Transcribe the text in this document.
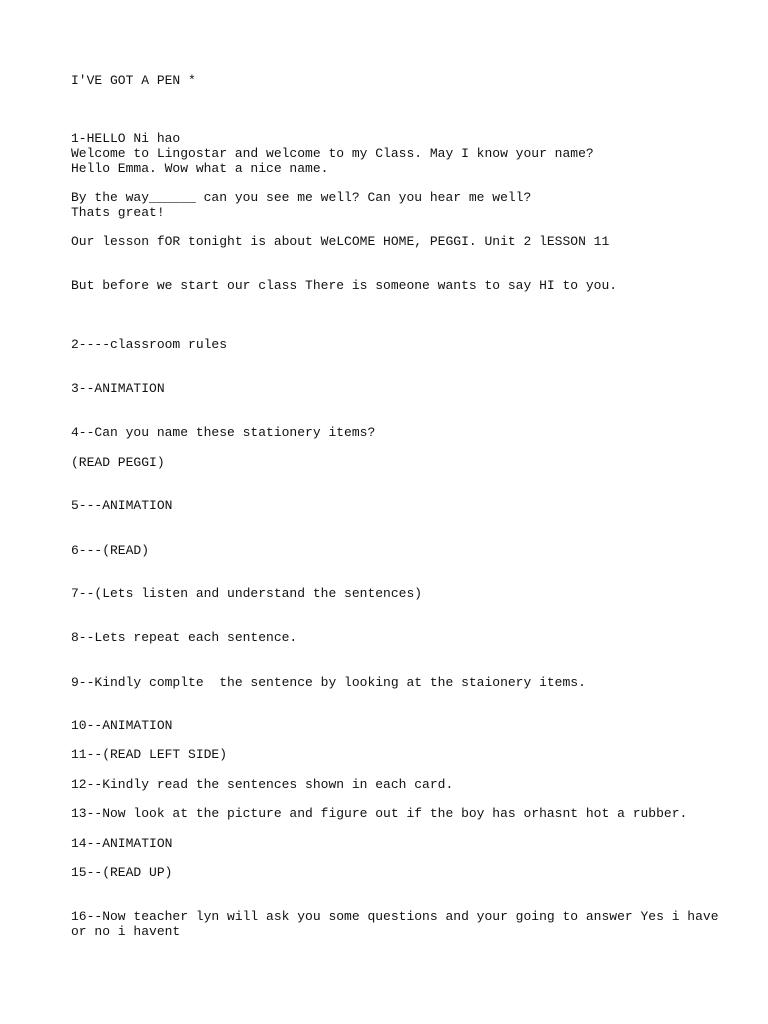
I'VE GOT A PEN *

1-HELLO Ni hao

Welcome to Lingostar and welcome to my Class. May I know your name?

Hello Emma. Wow what a nice name.

By the way______ can you see me well? Can you hear me well?

Thats great!

Our lesson fOR tonight is about WeLCOME HOME, PEGGI. Unit 2 lESSON 11

But before we start our class There is someone wants to say HI to you.

2----classroom rules

3--ANIMATION

4--Can you name these stationery items?

(READ PEGGI)

5---ANIMATION

6---(READ)

7--(Lets listen and understand the sentences)

8--Lets repeat each sentence.

9--Kindly complte  the sentence by looking at the staionery items.

10--ANIMATION

11--(READ LEFT SIDE)

12--Kindly read the sentences shown in each card.

13--Now look at the picture and figure out if the boy has orhasnt hot a rubber.

14--ANIMATION

15--(READ UP)

16--Now teacher lyn will ask you some questions and your going to answer Yes i have

or no i havent
